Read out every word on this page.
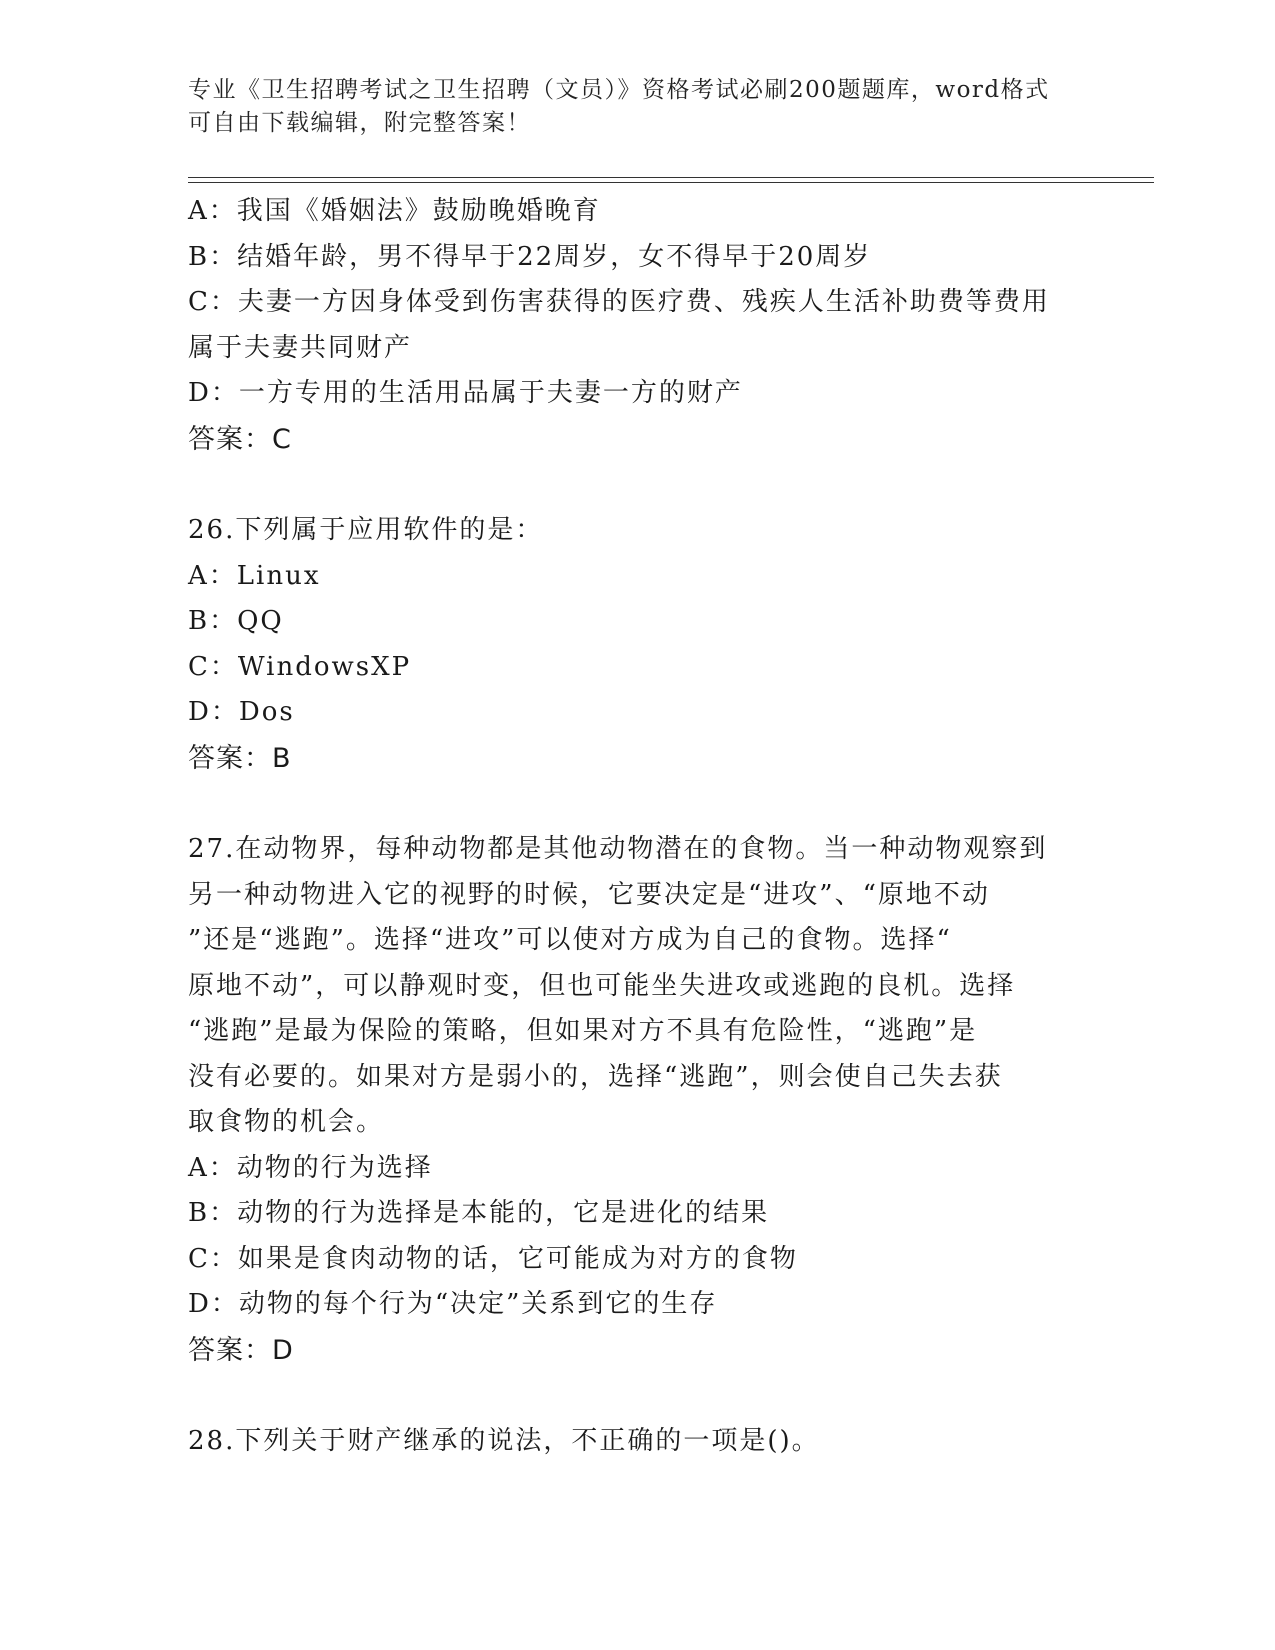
专业《卫生招聘考试之卫生招聘（文员）》资格考试必刷200题题库，word格式
可自由下载编辑，附完整答案！
A：我国《婚姻法》鼓励晚婚晚育
B：结婚年龄，男不得早于22周岁，女不得早于20周岁
C：夫妻一方因身体受到伤害获得的医疗费、残疾人生活补助费等费用
属于夫妻共同财产
D：一方专用的生活用品属于夫妻一方的财产
答案：C
26.下列属于应用软件的是：
A：Linux
B：QQ
C：WindowsXP
D：Dos
答案：B
27.在动物界，每种动物都是其他动物潜在的食物。当一种动物观察到
另一种动物进入它的视野的时候，它要决定是“进攻”、“原地不动
”还是“逃跑”。选择“进攻”可以使对方成为自己的食物。选择“
原地不动”，可以静观时变，但也可能坐失进攻或逃跑的良机。选择
“逃跑”是最为保险的策略，但如果对方不具有危险性，“逃跑”是
没有必要的。如果对方是弱小的，选择“逃跑”，则会使自己失去获
取食物的机会。
A：动物的行为选择
B：动物的行为选择是本能的，它是进化的结果
C：如果是食肉动物的话，它可能成为对方的食物
D：动物的每个行为“决定”关系到它的生存
答案：D
28.下列关于财产继承的说法，不正确的一项是()。
